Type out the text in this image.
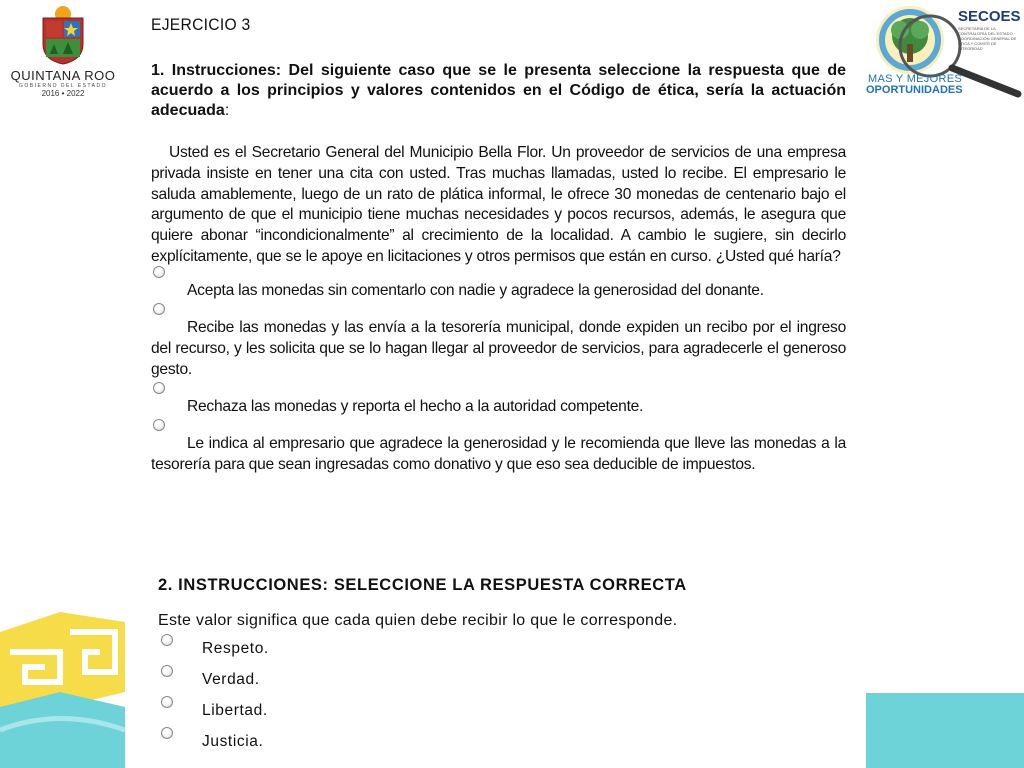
QUINTANA ROO
GOBIERNO DEL ESTADO
2016 • 2022
SECOES
SECRETARÍA DE LA CONTRALORÍA DEL ESTADO · COORDINACIÓN GENERAL DE ÉTICA Y COMITÉ DE INTEGRIDAD
MAS Y MEJORES
OPORTUNIDADES
EJERCICIO 3

1. Instrucciones: Del siguiente caso que se le presenta seleccione la respuesta que de acuerdo a los principios y valores contenidos en el Código de ética, sería la actuación adecuada:

Usted es el Secretario General del Municipio Bella Flor. Un proveedor de servicios de una empresa privada insiste en tener una cita con usted. Tras muchas llamadas, usted lo recibe. El empresario le saluda amablemente, luego de un rato de plática informal, le ofrece 30 monedas de centenario bajo el argumento de que el municipio tiene muchas necesidades y pocos recursos, además, le asegura que quiere abonar “incondicionalmente” al crecimiento de la localidad. A cambio le sugiere, sin decirlo explícitamente, que se le apoye en licitaciones y otros permisos que están en curso. ¿Usted qué haría?

Acepta las monedas sin comentarlo con nadie y agradece la generosidad del donante.
Recibe las monedas y las envía a la tesorería municipal, donde expiden un recibo por el ingreso del recurso, y les solicita que se lo hagan llegar al proveedor de servicios, para agradecerle el generoso gesto.
Rechaza las monedas y reporta el hecho a la autoridad competente.
Le indica al empresario que agradece la generosidad y le recomienda que lleve las monedas a la tesorería para que sean ingresadas como donativo y que eso sea deducible de impuestos.
2. INSTRUCCIONES: SELECCIONE LA RESPUESTA CORRECTA
Este valor significa que cada quien debe recibir lo que le corresponde.
Respeto.
Verdad.
Libertad.
Justicia.
